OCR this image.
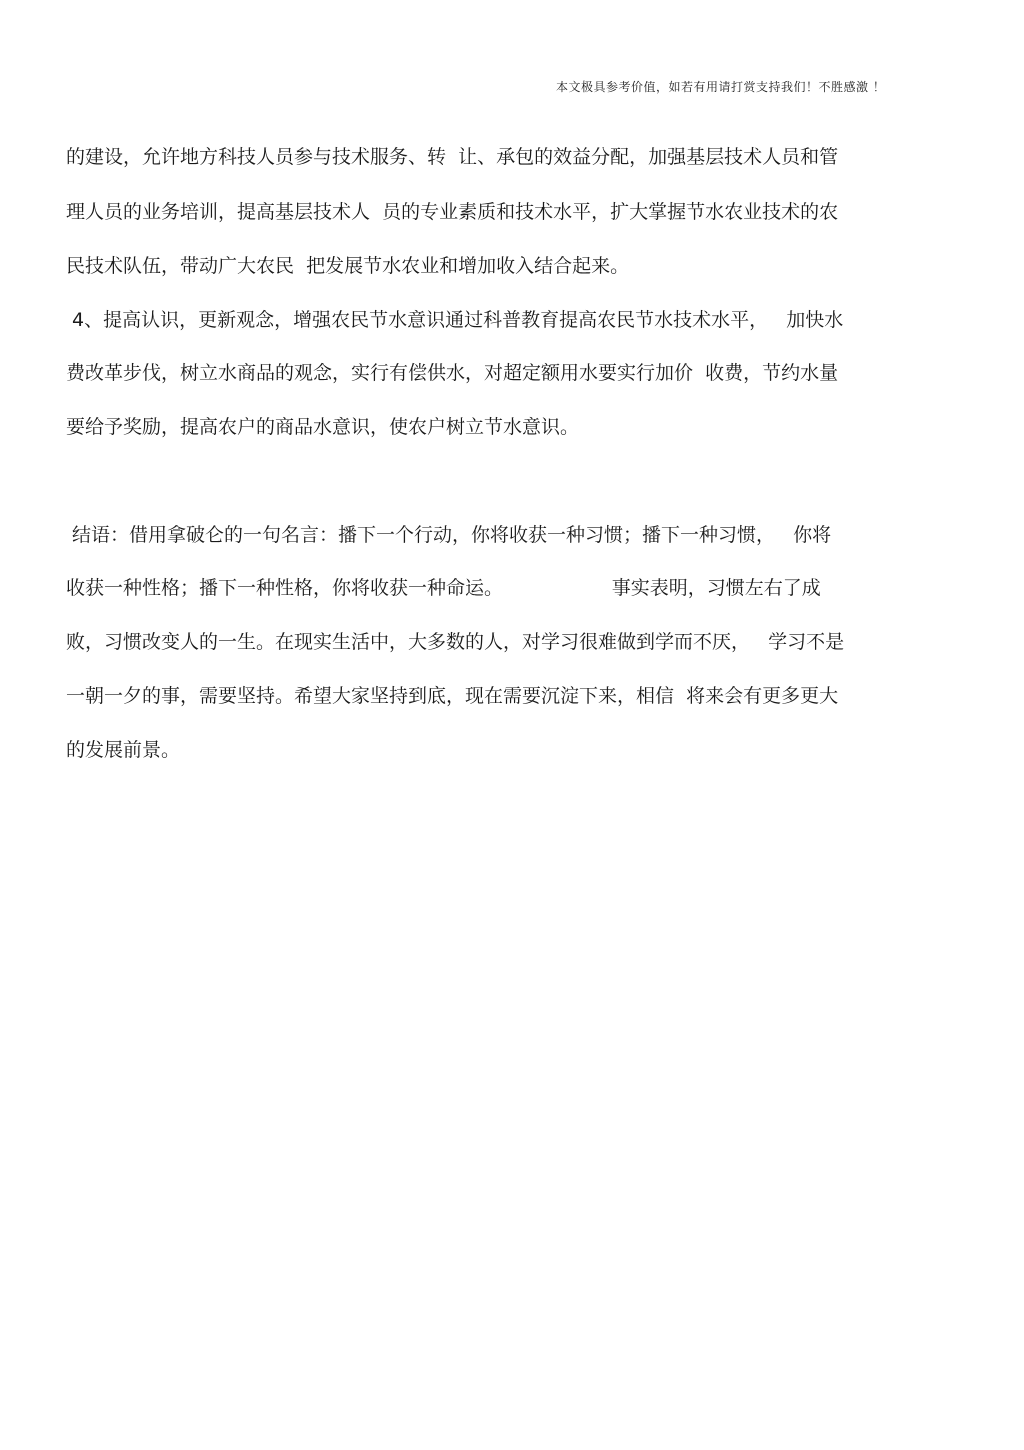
本文极具参考价值，如若有用请打赏支持我们！不胜感激 ！
的建设，允许地方科技人员参与技术服务、转  让、承包的效益分配，加强基层技术人员和管
理人员的业务培训，提高基层技术人  员的专业素质和技术水平，扩大掌握节水农业技术的农
民技术队伍，带动广大农民  把发展节水农业和增加收入结合起来。
4、提高认识，更新观念，增强农民节水意识通过科普教育提高农民节水技术水平，   加快水
费改革步伐，树立水商品的观念，实行有偿供水，对超定额用水要实行加价  收费，节约水量
要给予奖励，提高农户的商品水意识，使农户树立节水意识。
结语：借用拿破仑的一句名言：播下一个行动，你将收获一种习惯；播下一种习惯，   你将
收获一种性格；播下一种性格，你将收获一种命运。                  事实表明，习惯左右了成
败，习惯改变人的一生。在现实生活中，大多数的人，对学习很难做到学而不厌，   学习不是
一朝一夕的事，需要坚持。希望大家坚持到底，现在需要沉淀下来，相信  将来会有更多更大
的发展前景。
